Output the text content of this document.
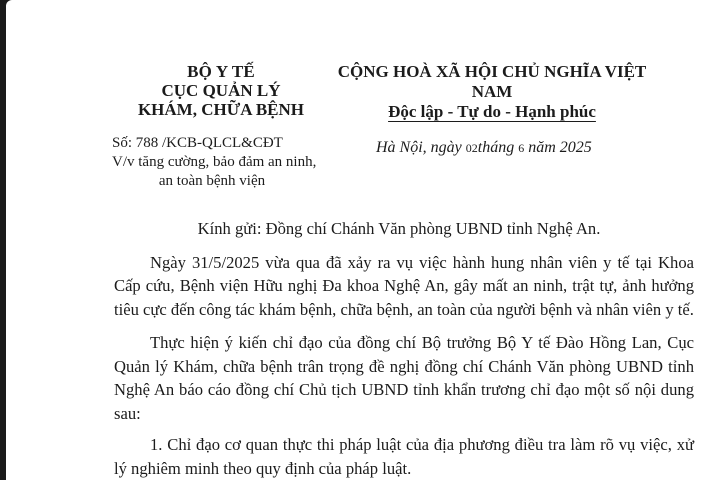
BỘ Y TẾ
CỤC QUẢN LÝ
KHÁM, CHỮA BỆNH
CỘNG HOÀ XÃ HỘI CHỦ NGHĨA VIỆT NAM
Độc lập - Tự do - Hạnh phúc
Số: 788 /KCB-QLCL&CĐT
V/v tăng cường, bảo đảm an ninh,
an toàn bệnh viện
Hà Nội, ngày 02tháng 6 năm 2025

Kính gửi: Đồng chí Chánh Văn phòng UBND tỉnh Nghệ An.

Ngày 31/5/2025 vừa qua đã xảy ra vụ việc hành hung nhân viên y tế tại Khoa Cấp cứu, Bệnh viện Hữu nghị Đa khoa Nghệ An, gây mất an ninh, trật tự, ảnh hưởng tiêu cực đến công tác khám bệnh, chữa bệnh, an toàn của người bệnh và nhân viên y tế.

Thực hiện ý kiến chỉ đạo của đồng chí Bộ trưởng Bộ Y tế Đào Hồng Lan, Cục Quản lý Khám, chữa bệnh trân trọng đề nghị đồng chí Chánh Văn phòng UBND tỉnh Nghệ An báo cáo đồng chí Chủ tịch UBND tỉnh khẩn trương chỉ đạo một số nội dung sau:

1. Chỉ đạo cơ quan thực thi pháp luật của địa phương điều tra làm rõ vụ việc, xử lý nghiêm minh theo quy định của pháp luật.
